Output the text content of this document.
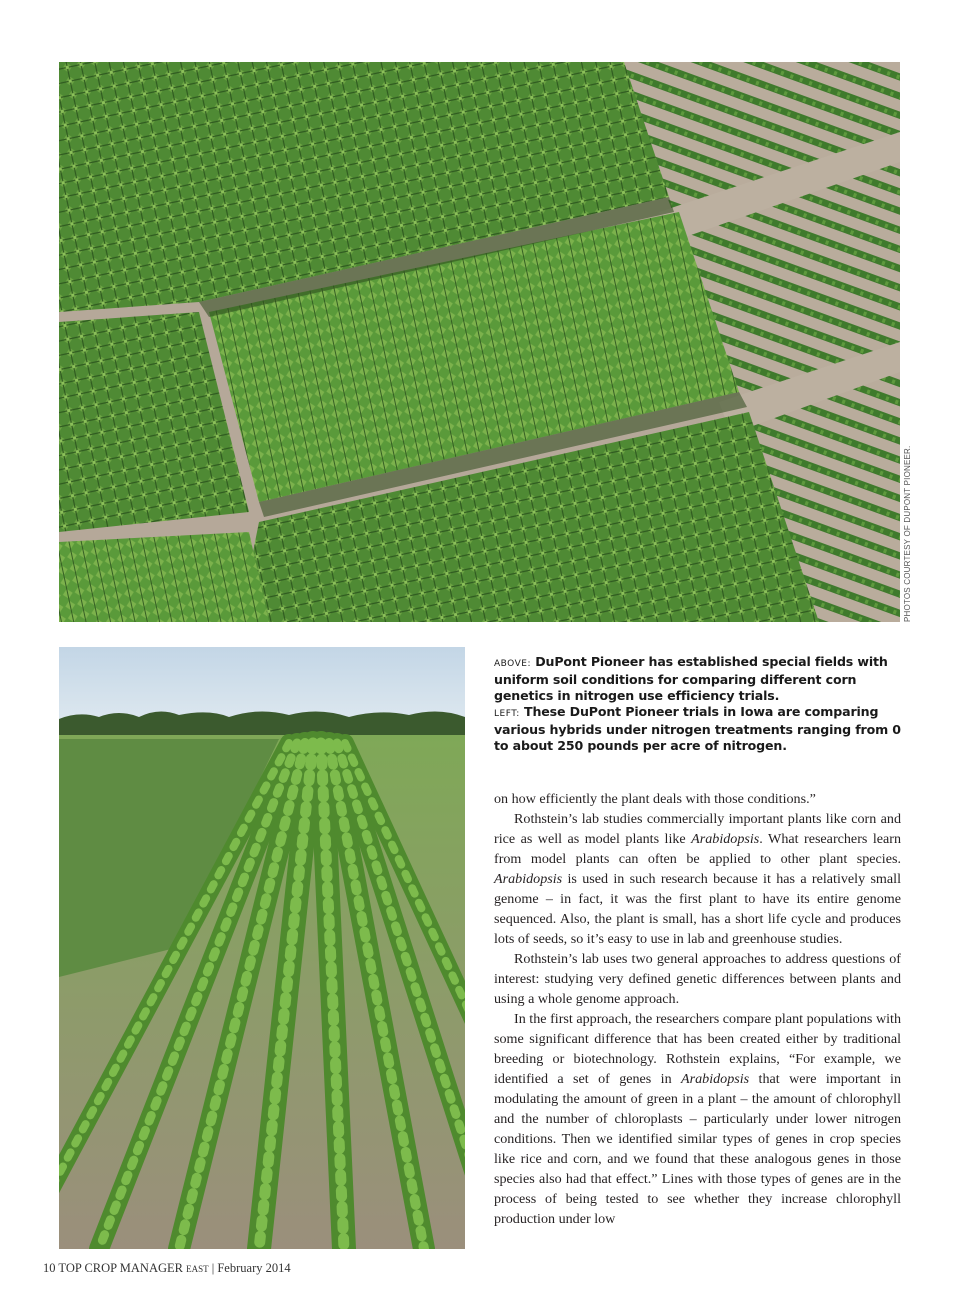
PHOTOS COURTESY OF DUPONT PIONEER.

ABOVE: DuPont Pioneer has established special fields with uniform soil conditions for comparing different corn genetics in nitrogen use efficiency trials.

LEFT: These DuPont Pioneer trials in Iowa are comparing various hybrids under nitrogen treatments ranging from 0 to about 250 pounds per acre of nitrogen.

on how efficiently the plant deals with those conditions.”

Rothstein’s lab studies commercially important plants like corn and rice as well as model plants like Arabidopsis. What researchers learn from model plants can often be applied to other plant species. Arabidopsis is used in such research because it has a relatively small genome – in fact, it was the first plant to have its entire genome sequenced. Also, the plant is small, has a short life cycle and produces lots of seeds, so it’s easy to use in lab and greenhouse studies.

Rothstein’s lab uses two general approaches to address questions of interest: studying very defined genetic differences between plants and using a whole genome approach.

In the first approach, the researchers compare plant populations with some significant difference that has been created either by traditional breeding or biotechnology. Rothstein explains, “For example, we identified a set of genes in Arabidopsis that were important in modulating the amount of green in a plant – the amount of chlorophyll and the number of chloroplasts – particularly under lower nitrogen conditions. Then we identified similar types of genes in crop species like rice and corn, and we found that these analogous genes in those species also had that effect.” Lines with those types of genes are in the process of being tested to see whether they increase chlorophyll production under low

10 TOP CROP MANAGER EAST | February 2014
